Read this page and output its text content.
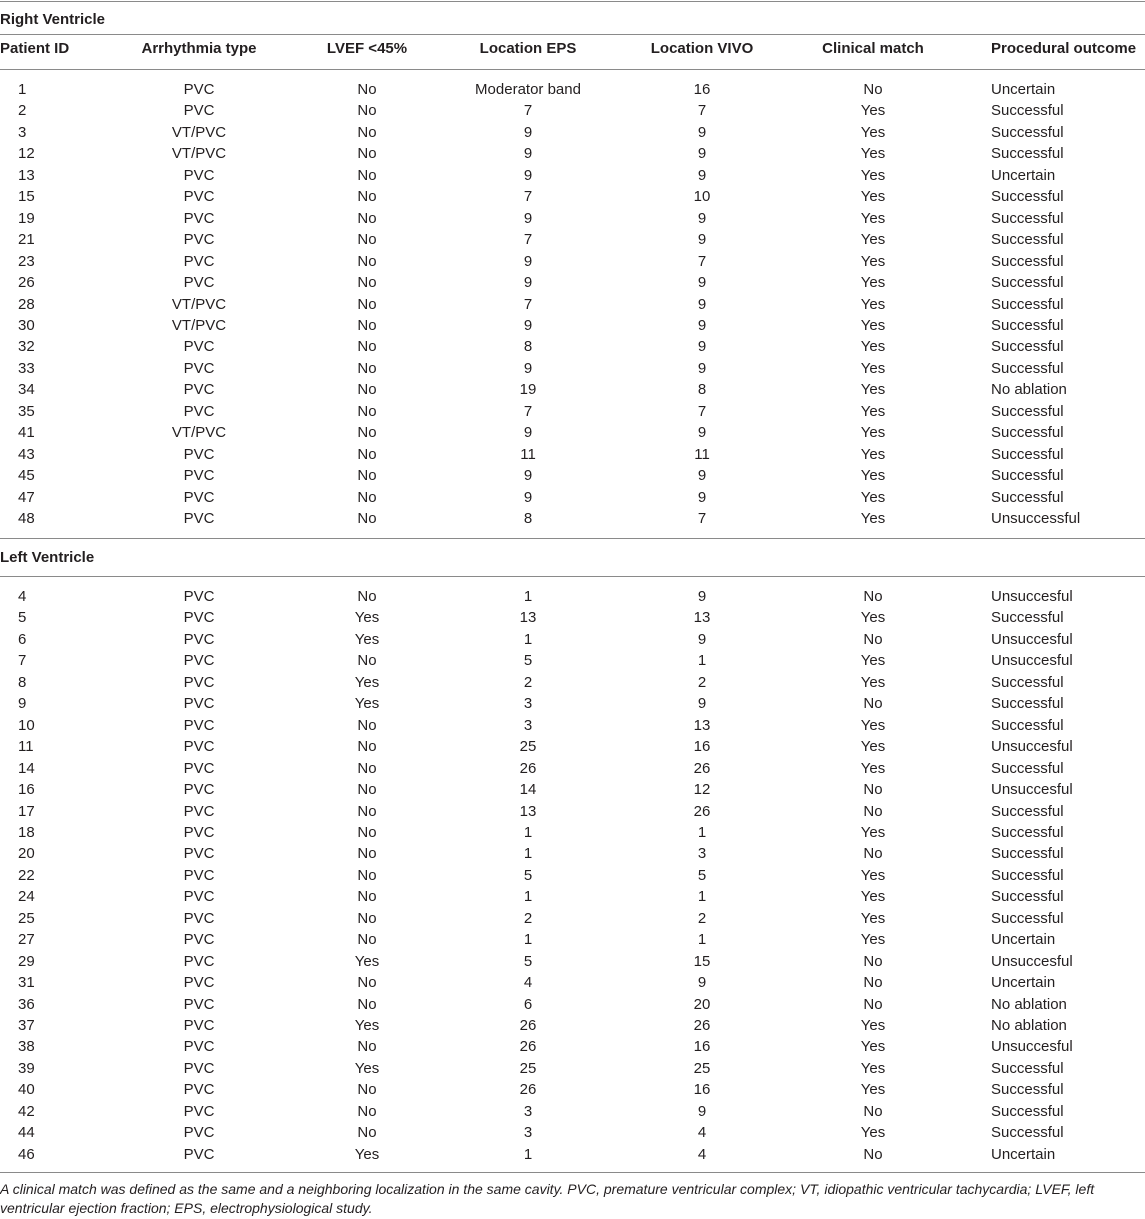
Right Ventricle
Patient ID	Arrhythmia type	LVEF <45%	Location EPS	Location VIVO	Clinical match	Procedural outcome
1	PVC	No	Moderator band	16	No	Uncertain
2	PVC	No	7	7	Yes	Successful
3	VT/PVC	No	9	9	Yes	Successful
12	VT/PVC	No	9	9	Yes	Successful
13	PVC	No	9	9	Yes	Uncertain
15	PVC	No	7	10	Yes	Successful
19	PVC	No	9	9	Yes	Successful
21	PVC	No	7	9	Yes	Successful
23	PVC	No	9	7	Yes	Successful
26	PVC	No	9	9	Yes	Successful
28	VT/PVC	No	7	9	Yes	Successful
30	VT/PVC	No	9	9	Yes	Successful
32	PVC	No	8	9	Yes	Successful
33	PVC	No	9	9	Yes	Successful
34	PVC	No	19	8	Yes	No ablation
35	PVC	No	7	7	Yes	Successful
41	VT/PVC	No	9	9	Yes	Successful
43	PVC	No	11	11	Yes	Successful
45	PVC	No	9	9	Yes	Successful
47	PVC	No	9	9	Yes	Successful
48	PVC	No	8	7	Yes	Unsuccessful
Left Ventricle
4	PVC	No	1	9	No	Unsuccesful
5	PVC	Yes	13	13	Yes	Successful
6	PVC	Yes	1	9	No	Unsuccesful
7	PVC	No	5	1	Yes	Unsuccesful
8	PVC	Yes	2	2	Yes	Successful
9	PVC	Yes	3	9	No	Successful
10	PVC	No	3	13	Yes	Successful
11	PVC	No	25	16	Yes	Unsuccesful
14	PVC	No	26	26	Yes	Successful
16	PVC	No	14	12	No	Unsuccesful
17	PVC	No	13	26	No	Successful
18	PVC	No	1	1	Yes	Successful
20	PVC	No	1	3	No	Successful
22	PVC	No	5	5	Yes	Successful
24	PVC	No	1	1	Yes	Successful
25	PVC	No	2	2	Yes	Successful
27	PVC	No	1	1	Yes	Uncertain
29	PVC	Yes	5	15	No	Unsuccesful
31	PVC	No	4	9	No	Uncertain
36	PVC	No	6	20	No	No ablation
37	PVC	Yes	26	26	Yes	No ablation
38	PVC	No	26	16	Yes	Unsuccesful
39	PVC	Yes	25	25	Yes	Successful
40	PVC	No	26	16	Yes	Successful
42	PVC	No	3	9	No	Successful
44	PVC	No	3	4	Yes	Successful
46	PVC	Yes	1	4	No	Uncertain
A clinical match was defined as the same and a neighboring localization in the same cavity. PVC, premature ventricular complex; VT, idiopathic ventricular tachycardia; LVEF, left ventricular ejection fraction; EPS, electrophysiological study.
